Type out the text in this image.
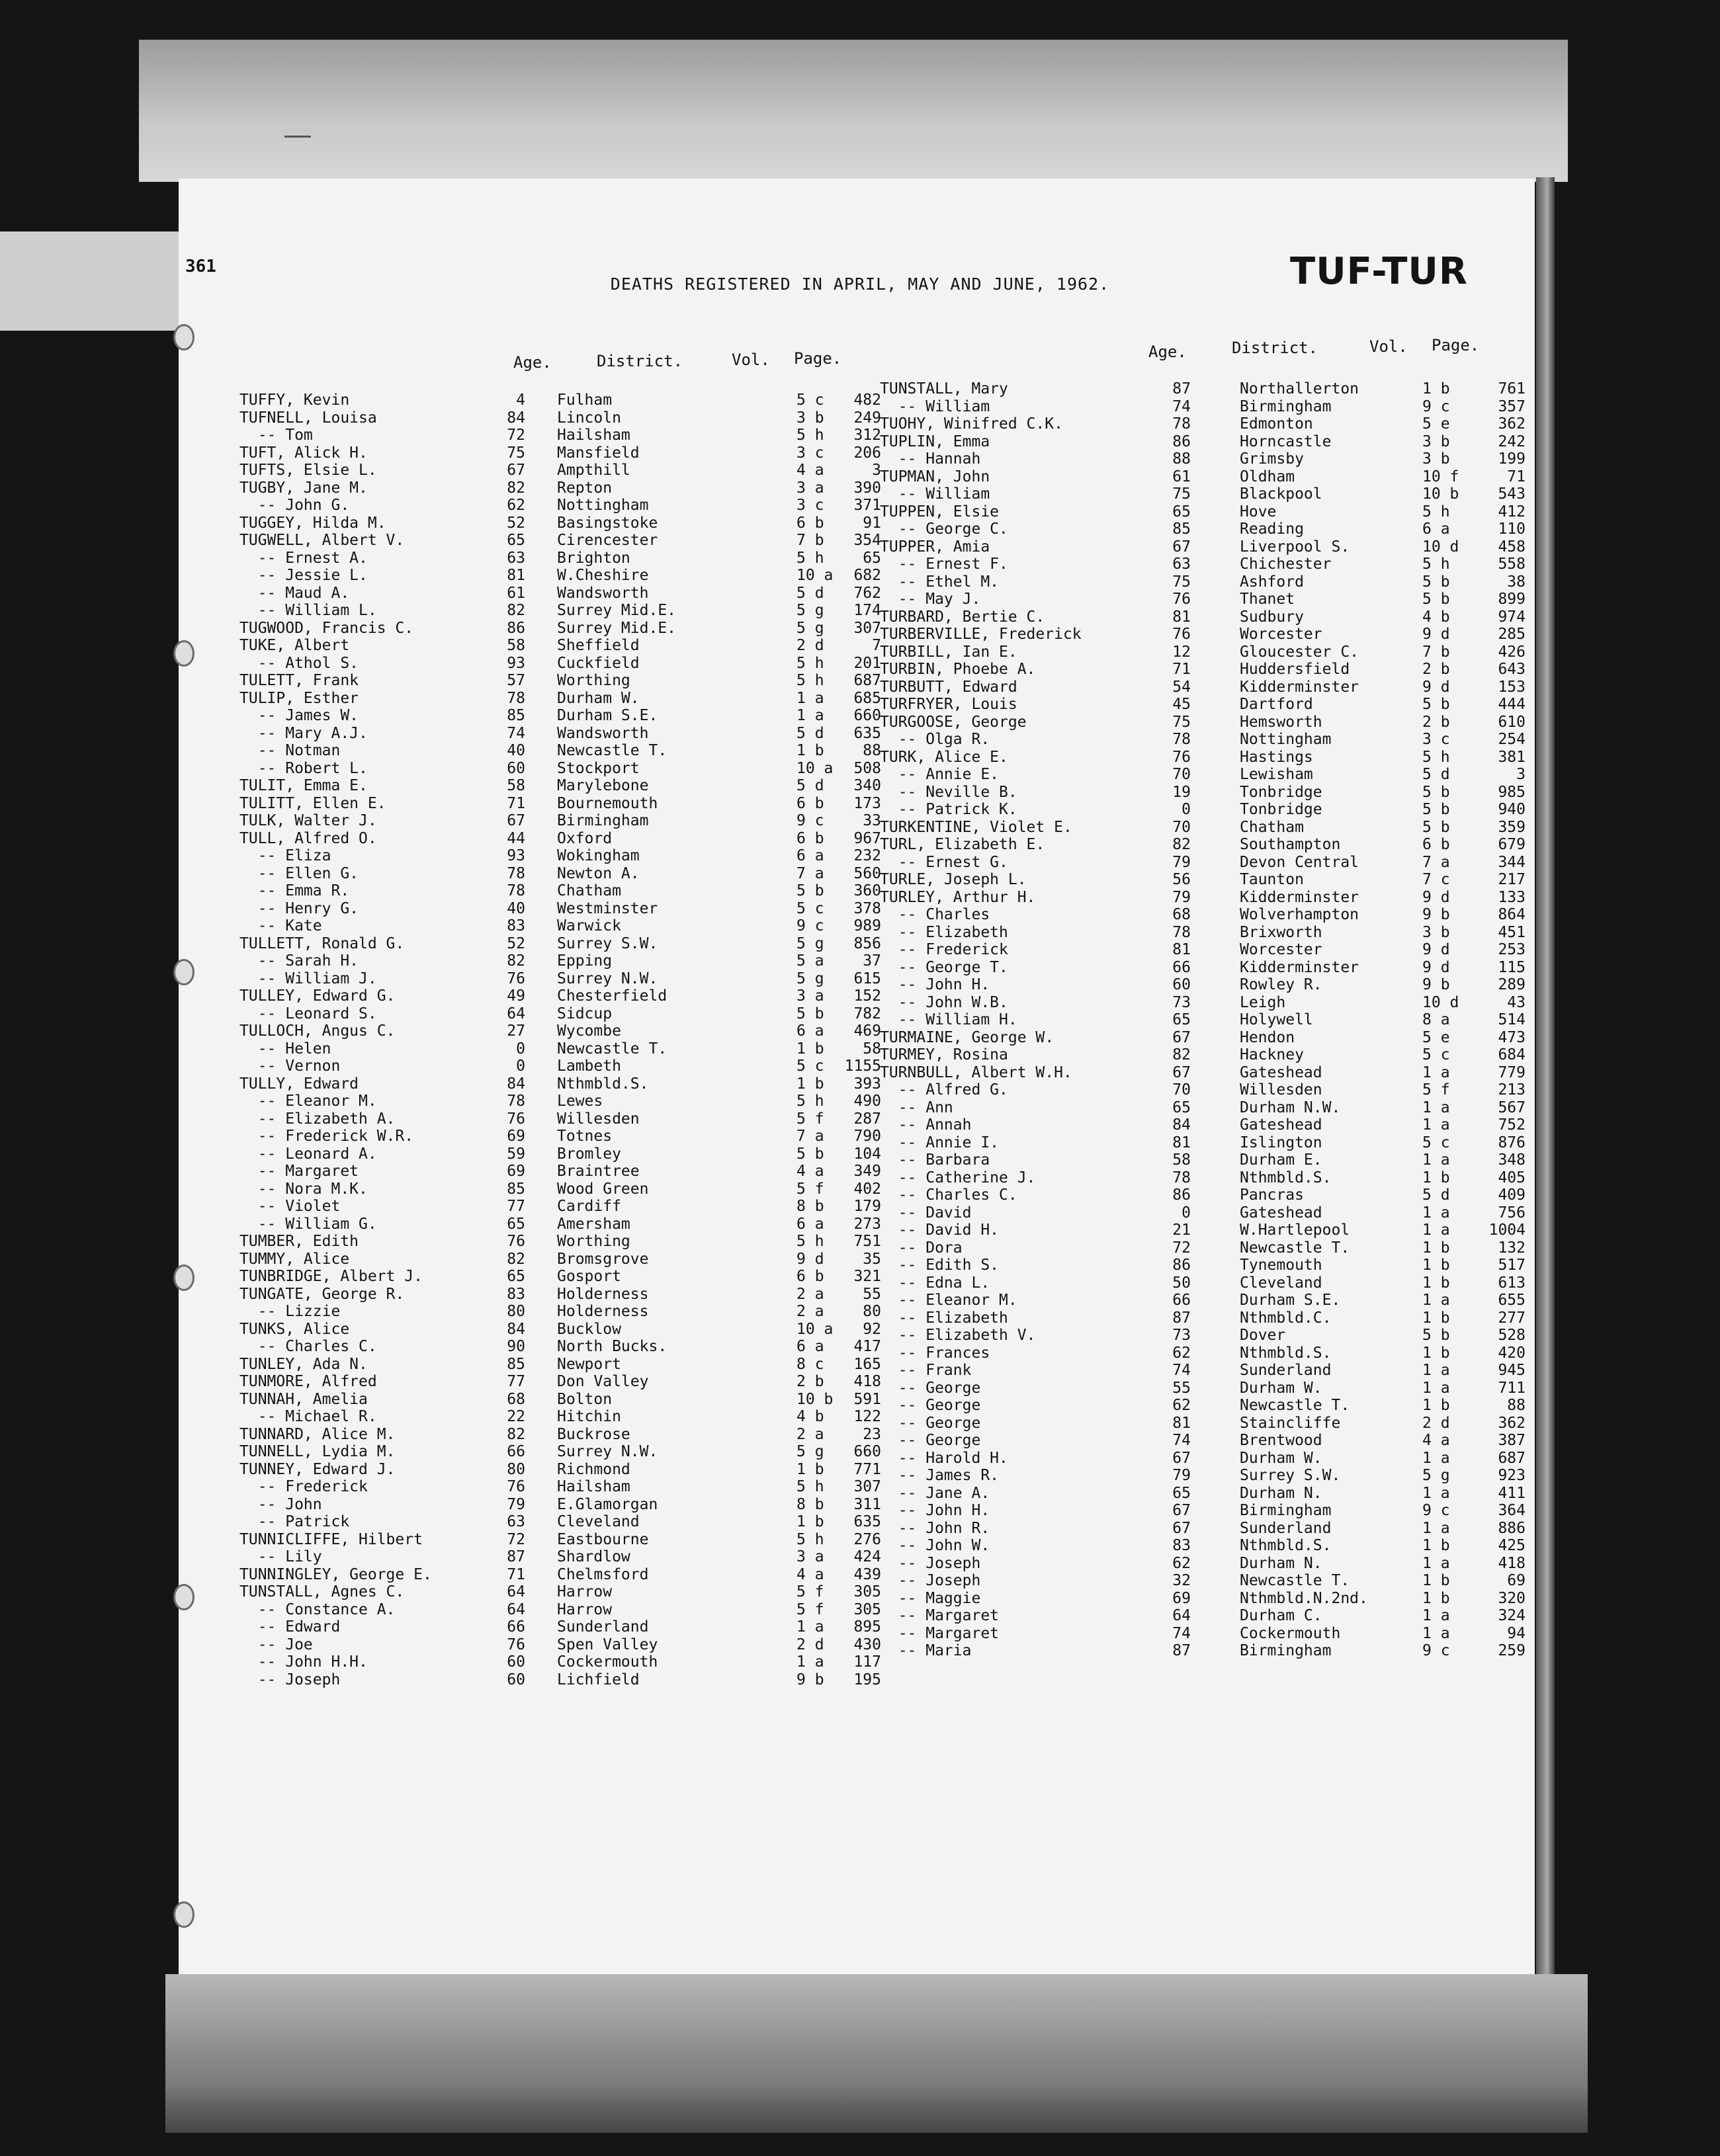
361
DEATHS REGISTERED IN APRIL, MAY AND JUNE, 1962.	TUF-TUR
Age.	District.	Vol. Page.	Age.	District.	Vol. Page.
TUFFY, Kevin	4 Fulham	5 c	482
TUFNELL, Louisa	84 Lincoln	3 b	249
-- Tom	72 Hailsham	5 h	312
TUFT, Alick H.	75 Mansfield	3 c	206
TUFTS, Elsie L.	67 Ampthill	4 a	3
TUGBY, Jane M.	82 Repton	3 a	390
-- John G.	62 Nottingham	3 c	371
TUGGEY, Hilda M.	52 Basingstoke	6 b	91
TUGWELL, Albert V.	65 Cirencester	7 b	354
-- Ernest A.	63 Brighton	5 h	65
-- Jessie L.	81 W.Cheshire	10 a	682
-- Maud A.	61 Wandsworth	5 d	762
-- William L.	82 Surrey Mid.E.	5 g	174
TUGWOOD, Francis C.	86 Surrey Mid.E.	5 g	307
TUKE, Albert	58 Sheffield	2 d	7
-- Athol S.	93 Cuckfield	5 h	201
TULETT, Frank	57 Worthing	5 h	687
TULIP, Esther	78 Durham W.	1 a	685
-- James W.	85 Durham S.E.	1 a	660
-- Mary A.J.	74 Wandsworth	5 d	635
-- Notman	40 Newcastle T.	1 b	88
-- Robert L.	60 Stockport	10 a	508
TULIT, Emma E.	58 Marylebone	5 d	340
TULITT, Ellen E.	71 Bournemouth	6 b	173
TULK, Walter J.	67 Birmingham	9 c	33
TULL, Alfred O.	44 Oxford	6 b	967
-- Eliza	93 Wokingham	6 a	232
-- Ellen G.	78 Newton A.	7 a	560
-- Emma R.	78 Chatham	5 b	360
-- Henry G.	40 Westminster	5 c	378
-- Kate	83 Warwick	9 c	989
TULLETT, Ronald G.	52 Surrey S.W.	5 g	856
-- Sarah H.	82 Epping	5 a	37
-- William J.	76 Surrey N.W.	5 g	615
TULLEY, Edward G.	49 Chesterfield	3 a	152
-- Leonard S.	64 Sidcup	5 b	782
TULLOCH, Angus C.	27 Wycombe	6 a	469
-- Helen	0 Newcastle T.	1 b	58
-- Vernon	0 Lambeth	5 c	1155
TULLY, Edward	84 Nthmbld.S.	1 b	393
-- Eleanor M.	78 Lewes	5 h	490
-- Elizabeth A.	76 Willesden	5 f	287
-- Frederick W.R.	69 Totnes	7 a	790
-- Leonard A.	59 Bromley	5 b	104
-- Margaret	69 Braintree	4 a	349
-- Nora M.K.	85 Wood Green	5 f	402
-- Violet	77 Cardiff	8 b	179
-- William G.	65 Amersham	6 a	273
TUMBER, Edith	76 Worthing	5 h	751
TUMMY, Alice	82 Bromsgrove	9 d	35
TUNBRIDGE, Albert J.	65 Gosport	6 b	321
TUNGATE, George R.	83 Holderness	2 a	55
-- Lizzie	80 Holderness	2 a	80
TUNKS, Alice	84 Bucklow	10 a	92
-- Charles C.	90 North Bucks.	6 a	417
TUNLEY, Ada N.	85 Newport	8 c	165
TUNMORE, Alfred	77 Don Valley	2 b	418
TUNNAH, Amelia	68 Bolton	10 b	591
-- Michael R.	22 Hitchin	4 b	122
TUNNARD, Alice M.	82 Buckrose	2 a	23
TUNNELL, Lydia M.	66 Surrey N.W.	5 g	660
TUNNEY, Edward J.	80 Richmond	1 b	771
-- Frederick	76 Hailsham	5 h	307
-- John	79 E.Glamorgan	8 b	311
-- Patrick	63 Cleveland	1 b	635
TUNNICLIFFE, Hilbert	72 Eastbourne	5 h	276
-- Lily	87 Shardlow	3 a	424
TUNNINGLEY, George E.	71 Chelmsford	4 a	439
TUNSTALL, Agnes C.	64 Harrow	5 f	305
-- Constance A.	64 Harrow	5 f	305
-- Edward	66 Sunderland	1 a	895
-- Joe	76 Spen Valley	2 d	430
-- John H.H.	60 Cockermouth	1 a	117
-- Joseph	60 Lichfield	9 b	195
TUNSTALL, Mary	87	Northallerton	1 b	761
-- William	74	Birmingham	9 c	357
TUOHY, Winifred C.K.	78	Edmonton	5 e	362
TUPLIN, Emma	86	Horncastle	3 b	242
-- Hannah	88	Grimsby	3 b	199
TUPMAN, John	61	Oldham	10 f	71
-- William	75	Blackpool	10 b	543
TUPPEN, Elsie	65	Hove	5 h	412
-- George C.	85	Reading	6 a	110
TUPPER, Amia	67	Liverpool S.	10 d	458
-- Ernest F.	63	Chichester	5 h	558
-- Ethel M.	75	Ashford	5 b	38
-- May J.	76	Thanet	5 b	899
TURBARD, Bertie C.	81	Sudbury	4 b	974
TURBERVILLE, Frederick	76	Worcester	9 d	285
TURBILL, Ian E.	12	Gloucester C.	7 b	426
TURBIN, Phoebe A.	71	Huddersfield	2 b	643
TURBUTT, Edward	54	Kidderminster	9 d	153
TURFRYER, Louis	45	Dartford	5 b	444
TURGOOSE, George	75	Hemsworth	2 b	610
-- Olga R.	78	Nottingham	3 c	254
TURK, Alice E.	76	Hastings	5 h	381
-- Annie E.	70	Lewisham	5 d	3
-- Neville B.	19	Tonbridge	5 b	985
-- Patrick K.	0	Tonbridge	5 b	940
TURKENTINE, Violet E.	70	Chatham	5 b	359
TURL, Elizabeth E.	82	Southampton	6 b	679
-- Ernest G.	79	Devon Central	7 a	344
TURLE, Joseph L.	56	Taunton	7 c	217
TURLEY, Arthur H.	79	Kidderminster	9 d	133
-- Charles	68	Wolverhampton	9 b	864
-- Elizabeth	78	Brixworth	3 b	451
-- Frederick	81	Worcester	9 d	253
-- George T.	66	Kidderminster	9 d	115
-- John H.	60	Rowley R.	9 b	289
-- John W.B.	73	Leigh	10 d	43
-- William H.	65	Holywell	8 a	514
TURMAINE, George W.	67	Hendon	5 e	473
TURMEY, Rosina	82	Hackney	5 c	684
TURNBULL, Albert W.H.	67	Gateshead	1 a	779
-- Alfred G.	70	Willesden	5 f	213
-- Ann	65	Durham N.W.	1 a	567
-- Annah	84	Gateshead	1 a	752
-- Annie I.	81	Islington	5 c	876
-- Barbara	58	Durham E.	1 a	348
-- Catherine J.	78	Nthmbld.S.	1 b	405
-- Charles C.	86	Pancras	5 d	409
-- David	0	Gateshead	1 a	756
-- David H.	21	W.Hartlepool	1 a	1004
-- Dora	72	Newcastle T.	1 b	132
-- Edith S.	86	Tynemouth	1 b	517
-- Edna L.	50	Cleveland	1 b	613
-- Eleanor M.	66	Durham S.E.	1 a	655
-- Elizabeth	87	Nthmbld.C.	1 b	277
-- Elizabeth V.	73	Dover	5 b	528
-- Frances	62	Nthmbld.S.	1 b	420
-- Frank	74	Sunderland	1 a	945
-- George	55	Durham W.	1 a	711
-- George	62	Newcastle T.	1 b	88
-- George	81	Staincliffe	2 d	362
-- George	74	Brentwood	4 a	387
-- Harold H.	67	Durham W.	1 a	687
-- James R.	79	Surrey S.W.	5 g	923
-- Jane A.	65	Durham N.	1 a	411
-- John H.	67	Birmingham	9 c	364
-- John R.	67	Sunderland	1 a	886
-- John W.	83	Nthmbld.S.	1 b	425
-- Joseph	62	Durham N.	1 a	418
-- Joseph	32	Newcastle T.	1 b	69
-- Maggie	69	Nthmbld.N.2nd.	1 b	320
-- Margaret	64	Durham C.	1 a	324
-- Margaret	74	Cockermouth	1 a	94
-- Maria	87	Birmingham	9 c	259
